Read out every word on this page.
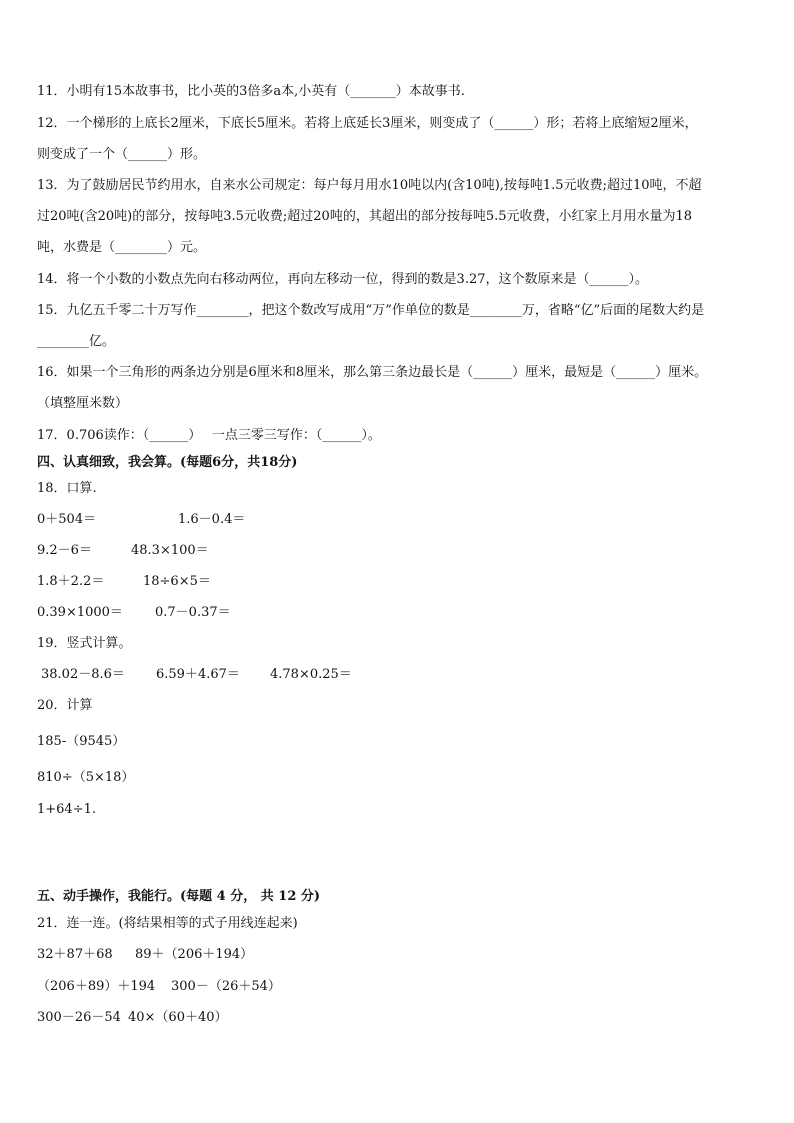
11．小明有15本故事书，比小英的3倍多a本,小英有（_______）本故事书.
12．一个梯形的上底长2厘米，下底长5厘米。若将上底延长3厘米，则变成了（______）形；若将上底缩短2厘米，
则变成了一个（______）形。
13．为了鼓励居民节约用水，自来水公司规定：每户每月用水10吨以内(含10吨),按每吨1.5元收费;超过10吨，不超
过20吨(含20吨)的部分，按每吨3.5元收费;超过20吨的，其超出的部分按每吨5.5元收费，小红家上月用水量为18
吨，水费是（________）元。
14．将一个小数的小数点先向右移动两位，再向左移动一位，得到的数是3.27，这个数原来是（______）。
15．九亿五千零二十万写作________，把这个数改写成用“万”作单位的数是________万，省略“亿”后面的尾数大约是
________亿。
16．如果一个三角形的两条边分别是6厘米和8厘米，那么第三条边最长是（______）厘米，最短是（______）厘米。
（填整厘米数）
17．0.706读作：（______）　 一点三零三写作：（______）。
四、认真细致，我会算。(每题6分，共18分)
18．口算.
0＋504＝	1.6－0.4＝
9.2－6＝	48.3×100＝
1.8＋2.2＝	18÷6×5＝
0.39×1000＝ 0.7－0.37＝
19．竖式计算。
38.02－8.6＝ 6.59＋4.67＝ 4.78×0.25＝
20．计算
185-（9545）
810÷（5×18）
1+64÷1.
五、动手操作，我能行。(每题 4 分， 共 12 分)
21．连一连。(将结果相等的式子用线连起来)
32＋87＋68 89＋（206＋194）
（206＋89）＋194 300－（26＋54）
300－26－54 40×（60＋40）
